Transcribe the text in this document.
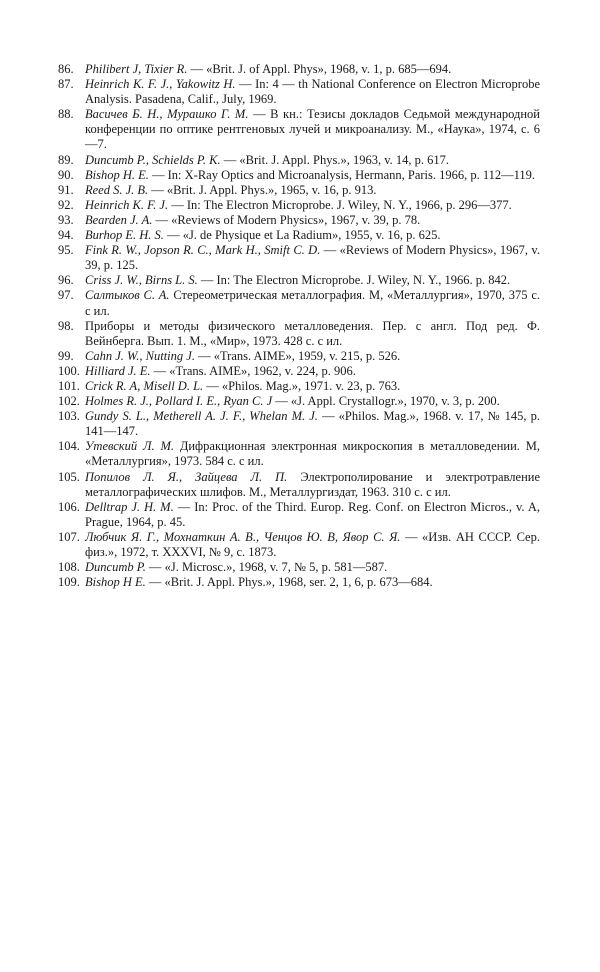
86. Philibert J, Tixier R. — «Brit. J. of Appl. Phys», 1968, v. 1, p. 685—694.
87. Heinrich K. F. J., Yakowitz H. — In: 4 — th National Conference on Electron Microprobe Analysis. Pasadena, Calif., July, 1969.
88. Васичев Б. Н., Мурашко Г. М. — В кн.: Тезисы докладов Седьмой международной конференции по оптике рентгеновых лучей и микроанализу. М., «Наука», 1974, с. 6—7.
89. Duncumb P., Schields P. K. — «Brit. J. Appl. Phys.», 1963, v. 14, p. 617.
90. Bishop H. E. — In: X-Ray Optics and Microanalysis, Hermann, Paris. 1966, p. 112—119.
91. Reed S. J. B. — «Brit. J. Appl. Phys.», 1965, v. 16, p. 913.
92. Heinrich K. F. J. — In: The Electron Microprobe. J. Wiley, N. Y., 1966, p. 296—377.
93. Bearden J. A. — «Reviews of Modern Physics», 1967, v. 39, p. 78.
94. Burhop E. H. S. — «J. de Physique et La Radium», 1955, v. 16, p. 625.
95. Fink R. W., Jopson R. C., Mark H., Smift C. D. — «Reviews of Modern Physics», 1967, v. 39, p. 125.
96. Criss J. W., Birns L. S. — In: The Electron Microprobe. J. Wiley, N. Y., 1966. p. 842.
97. Салтыков С. А. Стереометрическая металлография. М, «Металлургия», 1970, 375 с. с ил.
98. Приборы и методы физического металловедения. Пер. с англ. Под ред. Ф. Вейнберга. Вып. 1. М., «Мир», 1973. 428 с. с ил.
99. Cahn J. W., Nutting J. — «Trans. AIME», 1959, v. 215, p. 526.
100. Hilliard J. E. — «Trans. AIME», 1962, v. 224, p. 906.
101. Crick R. A, Misell D. L. — «Philos. Mag.», 1971. v. 23, p. 763.
102. Holmes R. J., Pollard I. E., Ryan C. J — «J. Appl. Crystallogr.», 1970, v. 3, p. 200.
103. Gundy S. L., Metherell A. J. F., Whelan M. J. — «Philos. Mag.», 1968. v. 17, № 145, p. 141—147.
104. Утевский Л. М. Дифракционная электронная микроскопия в металловедении. М, «Металлургия», 1973. 584 с. с ил.
105. Попилов Л. Я., Зайцева Л. П. Электрополирование и электротравление металлографических шлифов. М., Металлургиздат, 1963. 310 с. с ил.
106. Delltrap J. H. M. — In: Proc. of the Third. Europ. Reg. Conf. on Electron Micros., v. A, Prague, 1964, p. 45.
107. Любчик Я. Г., Мохнаткин А. В., Ченцов Ю. В, Явор С. Я. — «Изв. АН СССР. Сер. физ.», 1972, т. XXXVI, № 9, с. 1873.
108. Duncumb P. — «J. Microsc.», 1968, v. 7, № 5, p. 581—587.
109. Bishop H E. — «Brit. J. Appl. Phys.», 1968, ser. 2, 1, 6, p. 673—684.
